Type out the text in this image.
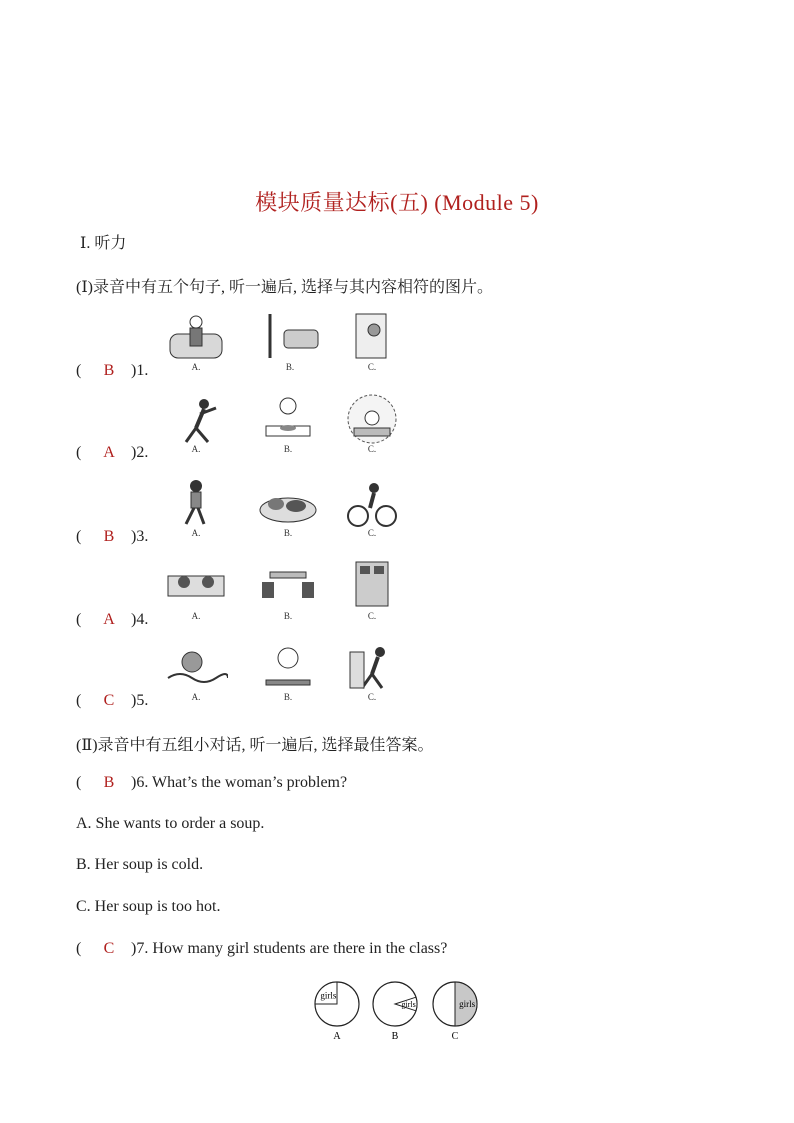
模块质量达标(五) (Module 5)
Ⅰ. 听力
(Ⅰ)录音中有五个句子, 听一遍后, 选择与其内容相符的图片。
(	B	)1.	A.	B.	C.
(	A	)2.	A.	B.	C.
(	B	)3.	A.	B.	C.
(	A	)4.	A.	B.	C.
(	C	)5.	A.	B.	C.
(Ⅱ)录音中有五组小对话, 听一遍后, 选择最佳答案。
(	B	)6. What’s the woman’s problem?
A. She wants to order a soup.
B. Her soup is cold.
C. Her soup is too hot.
(	C	)7. How many girl students are there in the class?
girls
A
girls
B
girls
C
